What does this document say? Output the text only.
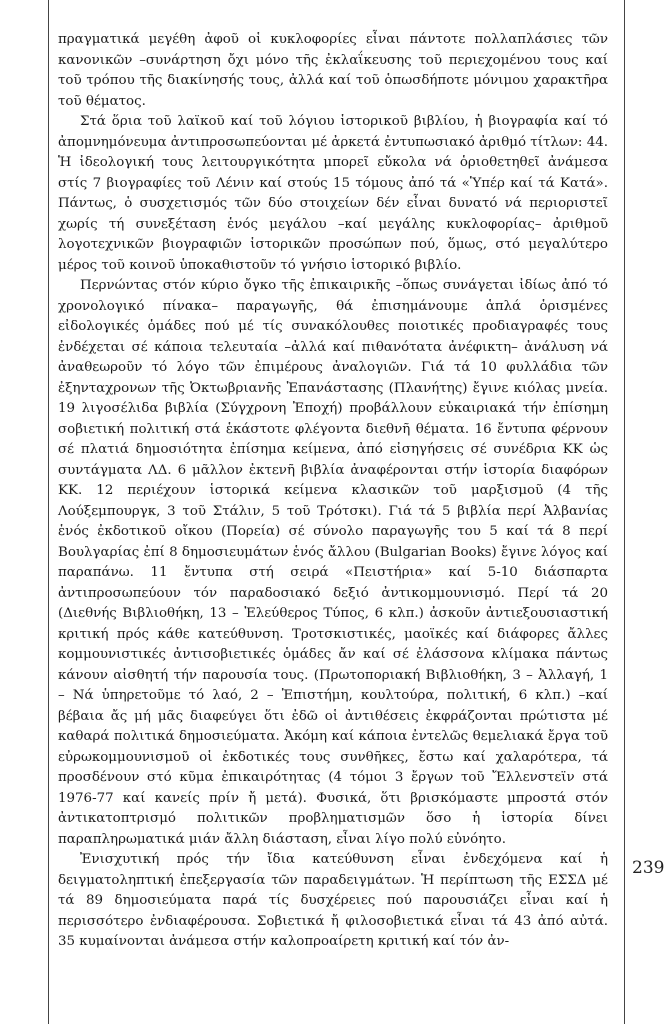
πραγματικά μεγέθη ἀφοῦ οἱ κυκλοφορίες εἶναι πάντοτε πολλαπλάσιες τῶν κανονικῶν –συνάρτηση ὄχι μόνο τῆς ἐκλαΐκευσης τοῦ περιεχομένου τους καί τοῦ τρόπου τῆς διακίνησής τους, ἀλλά καί τοῦ ὁπωσδήποτε μόνιμου χαρακτῆρα τοῦ θέματος.

Στά ὅρια τοῦ λαϊκοῦ καί τοῦ λόγιου ἱστορικοῦ βιβλίου, ἡ βιογραφία καί τό ἀπομνημόνευμα ἀντιπροσωπεύονται μέ ἀρκετά ἐντυπωσιακό ἀριθμό τίτλων: 44. Ἡ ἰδεολογική τους λειτουργικότητα μπορεῖ εὔκολα νά ὁριοθετηθεῖ ἀνάμεσα στίς 7 βιογραφίες τοῦ Λένιν καί στούς 15 τόμους ἀπό τά «Ὑπέρ καί τά Κατά». Πάντως, ὁ συσχετισμός τῶν δύο στοιχείων δέν εἶναι δυνατό νά περιοριστεῖ χωρίς τή συνεξέταση ἑνός μεγάλου –καί μεγάλης κυκλοφορίας– ἀριθμοῦ λογοτεχνικῶν βιογραφιῶν ἱστορικῶν προσώπων πού, ὅμως, στό μεγαλύτερο μέρος τοῦ κοινοῦ ὑποκαθιστοῦν τό γνήσιο ἱστορικό βιβλίο.

Περνώντας στόν κύριο ὄγκο τῆς ἐπικαιρικῆς –ὅπως συνάγεται ἰδίως ἀπό τό χρονολογικό πίνακα– παραγωγῆς, θά ἐπισημάνουμε ἁπλά ὁρισμένες εἰδολογικές ὁμάδες πού μέ τίς συνακόλουθες ποιοτικές προδιαγραφές τους ἐνδέχεται σέ κάποια τελευταία –ἀλλά καί πιθανότατα ἀνέφικτη– ἀνάλυση νά ἀναθεωροῦν τό λόγο τῶν ἐπιμέρους ἀναλογιῶν. Γιά τά 10 φυλλάδια τῶν ἐξηνταχρονων τῆς Ὀκτωβριανῆς Ἐπανάστασης (Πλανήτης) ἔγινε κιόλας μνεία. 19 λιγοσέλιδα βιβλία (Σύγχρονη Ἐποχή) προβάλλουν εὐκαιριακά τήν ἐπίσημη σοβιετική πολιτική στά ἑκάστοτε φλέγοντα διεθνῆ θέματα. 16 ἔντυπα φέρνουν σέ πλατιά δημοσιότητα ἐπίσημα κείμενα, ἀπό εἰσηγήσεις σέ συνέδρια ΚΚ ὡς συντάγματα ΛΔ. 6 μᾶλλον ἐκτενῆ βιβλία ἀναφέρονται στήν ἱστορία διαφόρων ΚΚ. 12 περιέχουν ἱστορικά κείμενα κλασικῶν τοῦ μαρξισμοῦ (4 τῆς Λούξεμπουργκ, 3 τοῦ Στάλιν, 5 τοῦ Τρότσκι). Γιά τά 5 βιβλία περί Ἀλβανίας ἑνός ἐκδοτικοῦ οἴκου (Πορεία) σέ σύνολο παραγωγῆς του 5 καί τά 8 περί Βουλγαρίας ἐπί 8 δημοσιευμάτων ἑνός ἄλλου (Bulgarian Books) ἔγινε λόγος καί παραπάνω. 11 ἔντυπα στή σειρά «Πειστήρια» καί 5-10 διάσπαρτα ἀντιπροσωπεύουν τόν παραδοσιακό δεξιό ἀντικομμουνισμό. Περί τά 20 (Διεθνής Βιβλιοθήκη, 13 – Ἐλεύθερος Τύπος, 6 κλπ.) ἀσκοῦν ἀντιεξουσιαστική κριτική πρός κάθε κατεύθυνση. Τροτσκιστικές, μαοϊκές καί διάφορες ἄλλες κομμουνιστικές ἀντισοβιετικές ὁμάδες ἄν καί σέ ἐλάσσονα κλίμακα πάντως κάνουν αἰσθητή τήν παρουσία τους. (Πρωτοποριακή Βιβλιοθήκη, 3 – Ἀλλαγή, 1 – Νά ὑπηρετοῦμε τό λαό, 2 – Ἐπιστήμη, κουλτούρα, πολιτική, 6 κλπ.) –καί βέβαια ἄς μή μᾶς διαφεύγει ὅτι ἐδῶ οἱ ἀντιθέσεις ἐκφράζονται πρώτιστα μέ καθαρά πολιτικά δημοσιεύματα. Ἀκόμη καί κάποια ἐντελῶς θεμελιακά ἔργα τοῦ εὐρωκομμουνισμοῦ οἱ ἐκδοτικές τους συνθῆκες, ἔστω καί χαλαρότερα, τά προσδένουν στό κῦμα ἐπικαιρότητας (4 τόμοι 3 ἔργων τοῦ Ἔλλενστεϊν στά 1976-77 καί κανείς πρίν ἤ μετά). Φυσικά, ὅτι βρισκόμαστε μπροστά στόν ἀντικατοπτρισμό πολιτικῶν προβληματισμῶν ὅσο ἡ ἱστορία δίνει παραπληρωματικά μιάν ἄλλη διάσταση, εἶναι λίγο πολύ εὐνόητο.

Ἐνισχυτική πρός τήν ἴδια κατεύθυνση εἶναι ἐνδεχόμενα καί ἡ δειγματοληπτική ἐπεξεργασία τῶν παραδειγμάτων. Ἡ περίπτωση τῆς ΕΣΣΔ μέ τά 89 δημοσιεύματα παρά τίς δυσχέρειες πού παρουσιάζει εἶναι καί ἡ περισσότερο ἐνδιαφέρουσα. Σοβιετικά ἤ φιλοσοβιετικά εἶναι τά 43 ἀπό αὐτά. 35 κυμαίνονται ἀνάμεσα στήν καλοπροαίρετη κριτική καί τόν ἀν-

239
